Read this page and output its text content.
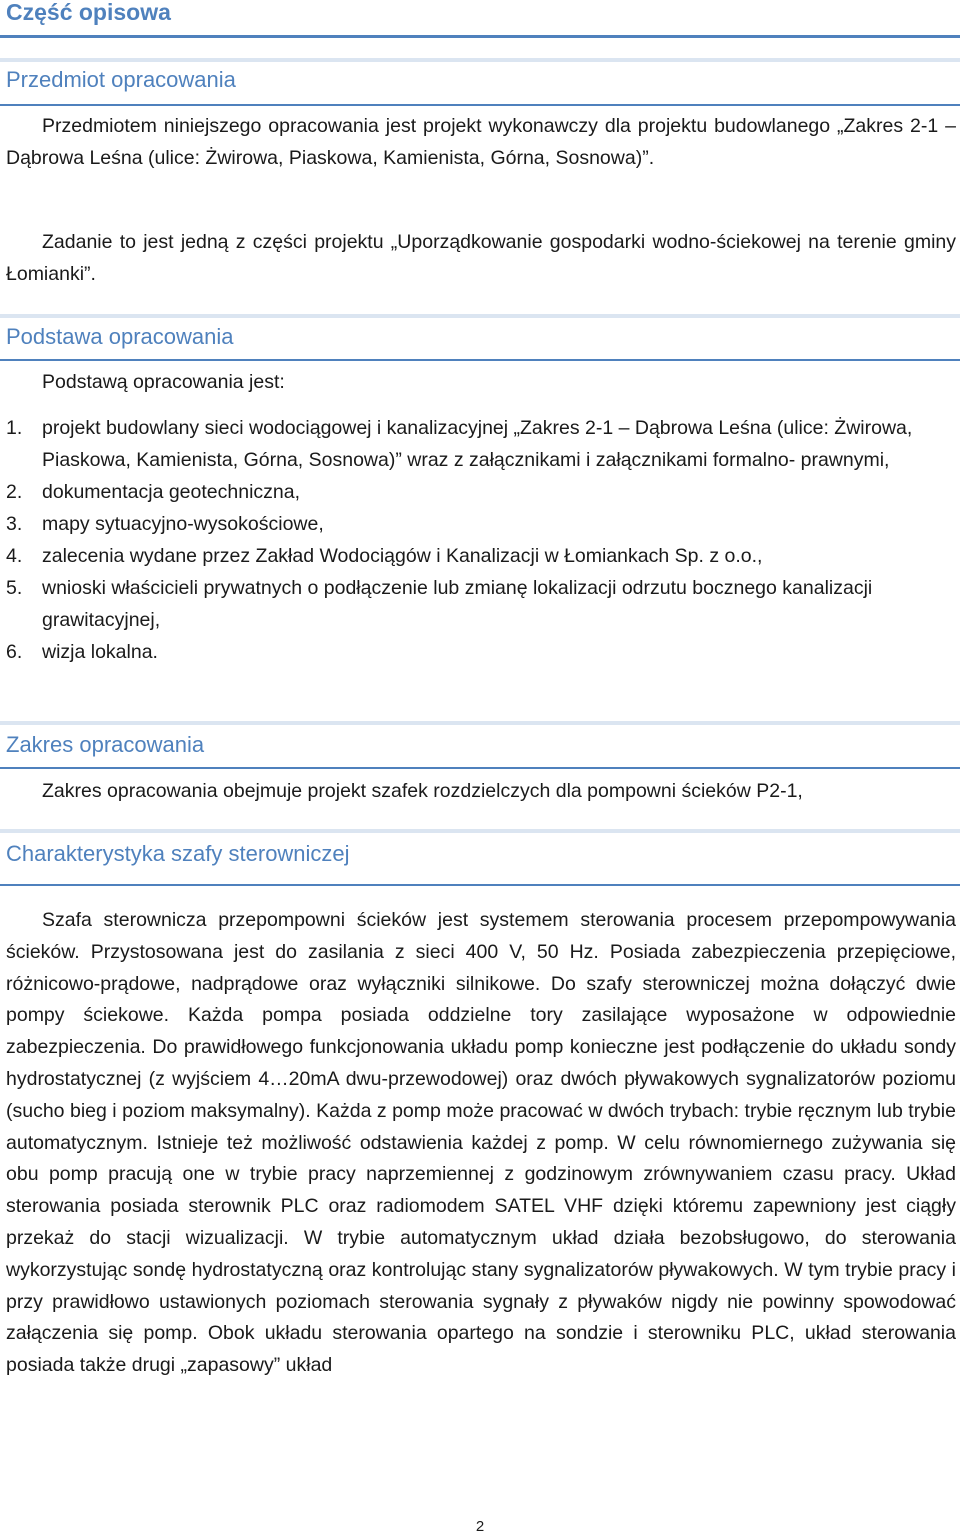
Część opisowa
Przedmiot opracowania
Przedmiotem niniejszego opracowania jest projekt wykonawczy dla projektu budowlanego „Zakres 2-1 – Dąbrowa Leśna (ulice: Żwirowa, Piaskowa, Kamienista, Górna, Sosnowa)”.
Zadanie to jest jedną z części projektu „Uporządkowanie gospodarki wodno-ściekowej na terenie gminy Łomianki”.
Podstawa opracowania
Podstawą opracowania jest:
1. projekt budowlany sieci wodociągowej i kanalizacyjnej „Zakres 2-1 – Dąbrowa Leśna (ulice: Żwirowa, Piaskowa, Kamienista, Górna, Sosnowa)” wraz z załącznikami i załącznikami formalno- prawnymi,
2. dokumentacja geotechniczna,
3. mapy sytuacyjno-wysokościowe,
4. zalecenia wydane przez Zakład Wodociągów i Kanalizacji w Łomiankach Sp. z o.o.,
5. wnioski właścicieli prywatnych o podłączenie lub zmianę lokalizacji odrzutu bocznego kanalizacji grawitacyjnej,
6. wizja lokalna.
Zakres opracowania
Zakres opracowania obejmuje projekt szafek rozdzielczych dla pompowni ścieków P2-1,
Charakterystyka szafy sterowniczej
Szafa sterownicza przepompowni ścieków jest systemem sterowania procesem przepompowywania ścieków. Przystosowana jest do zasilania z sieci 400 V, 50 Hz. Posiada zabezpieczenia przepięciowe, różnicowo-prądowe, nadprądowe oraz wyłączniki silnikowe. Do szafy sterowniczej można dołączyć dwie pompy ściekowe. Każda pompa posiada oddzielne tory zasilające wyposażone w odpowiednie zabezpieczenia. Do prawidłowego funkcjonowania układu pomp konieczne jest podłączenie do układu sondy hydrostatycznej (z wyjściem 4…20mA dwu-przewodowej) oraz dwóch pływakowych sygnalizatorów poziomu (sucho bieg i poziom maksymalny). Każda z pomp może pracować w dwóch trybach: trybie ręcznym lub trybie automatycznym. Istnieje też możliwość odstawienia każdej z pomp. W celu równomiernego zużywania się obu pomp pracują one w trybie pracy naprzemiennej z godzinowym zrównywaniem czasu pracy. Układ sterowania posiada sterownik PLC oraz radiomodem SATEL VHF dzięki któremu zapewniony jest ciągły przekaż do stacji wizualizacji. W trybie automatycznym układ działa bezobsługowo, do sterowania wykorzystując sondę hydrostatyczną oraz kontrolując stany sygnalizatorów pływakowych. W tym trybie pracy i przy prawidłowo ustawionych poziomach sterowania sygnały z pływaków nigdy nie powinny spowodować załączenia się pomp. Obok układu sterowania opartego na sondzie i sterowniku PLC, układ sterowania posiada także drugi „zapasowy” układ
2
